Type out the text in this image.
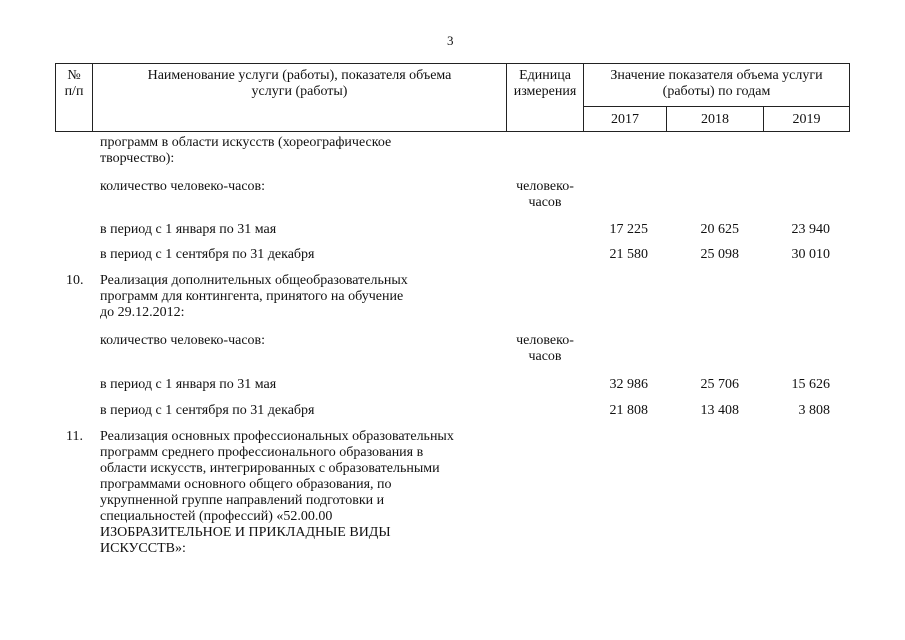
3
№
п/п
Наименование услуги (работы), показателя объема
услуги (работы)
Единица
измерения
Значение показателя объема услуги
(работы) по годам
2017	2018	2019
программ в области искусств (хореографическое
творчество):
количество человеко-часов:	человеко-
часов
в период с 1 января по 31 мая	17 225	20 625	23 940
в период с 1 сентября по 31 декабря	21 580	25 098	30 010
10. Реализация дополнительных общеобразовательных
программ для контингента, принятого на обучение
до 29.12.2012:
количество человеко-часов:	человеко-
часов
в период с 1 января по 31 мая	32 986	25 706	15 626
в период с 1 сентября по 31 декабря	21 808	13 408	3 808
11. Реализация основных профессиональных образовательных
программ среднего профессионального образования в
области искусств, интегрированных с образовательными
программами основного общего образования, по
укрупненной группе направлений подготовки и
специальностей (профессий) «52.00.00
ИЗОБРАЗИТЕЛЬНОЕ И ПРИКЛАДНЫЕ ВИДЫ
ИСКУССТВ»:
